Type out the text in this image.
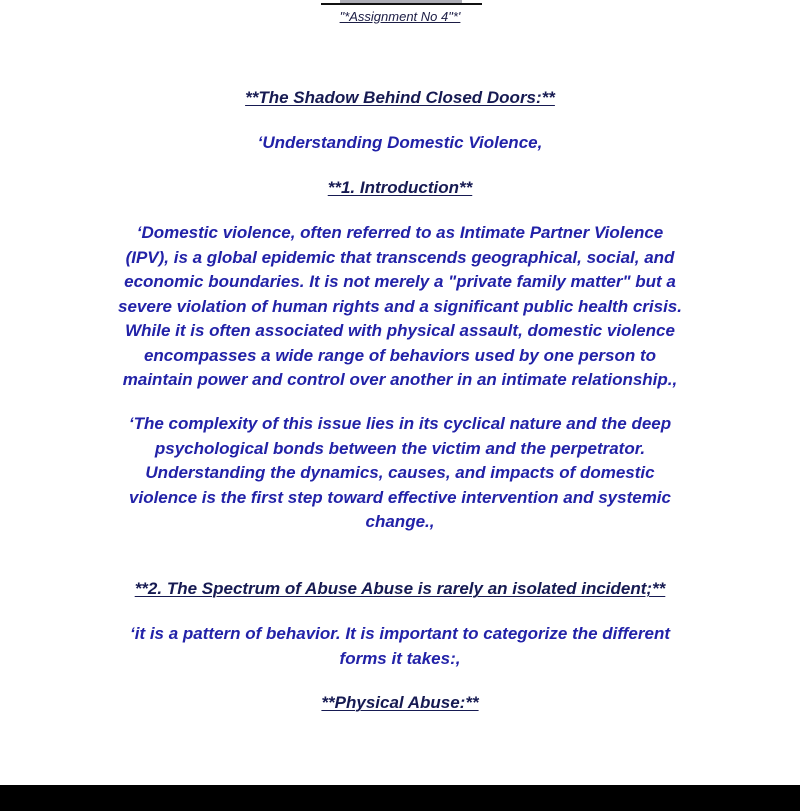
"*Assignment No 4"*'
**The Shadow Behind Closed Doors:**
‘Understanding Domestic Violence,
**1. Introduction**
‘Domestic violence, often referred to as Intimate Partner Violence
(IPV), is a global epidemic that transcends geographical, social, and
economic boundaries. It is not merely a "private family matter" but a
severe violation of human rights and a significant public health crisis.
While it is often associated with physical assault, domestic violence
encompasses a wide range of behaviors used by one person to
maintain power and control over another in an intimate relationship.,
‘The complexity of this issue lies in its cyclical nature and the deep
psychological bonds between the victim and the perpetrator.
Understanding the dynamics, causes, and impacts of domestic
violence is the first step toward effective intervention and systemic
change.,
**2. The Spectrum of Abuse Abuse is rarely an isolated incident;**
‘it is a pattern of behavior. It is important to categorize the different
forms it takes:,
**Physical Abuse:**
